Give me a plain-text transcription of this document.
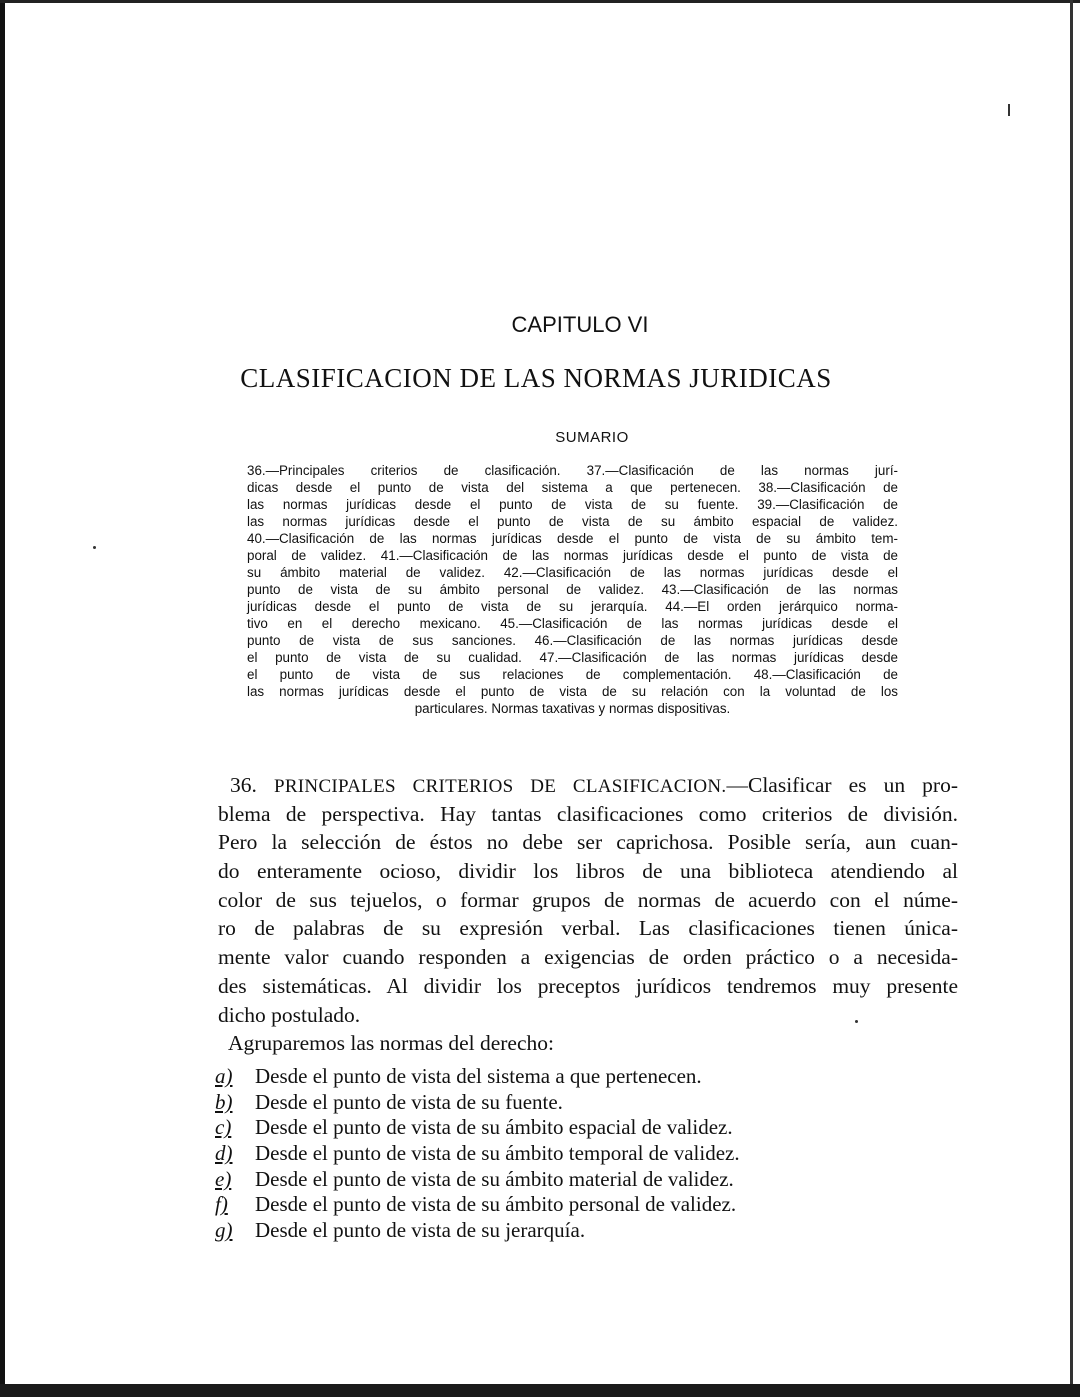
CAPITULO VI
CLASIFICACION DE LAS NORMAS JURIDICAS
SUMARIO
36.—Principales criterios de clasificación. 37.—Clasificación de las normas jurí-
dicas desde el punto de vista del sistema a que pertenecen. 38.—Clasificación de
las normas jurídicas desde el punto de vista de su fuente. 39.—Clasificación de
las normas jurídicas desde el punto de vista de su ámbito espacial de validez.
40.—Clasificación de las normas jurídicas desde el punto de vista de su ámbito tem-
poral de validez. 41.—Clasificación de las normas jurídicas desde el punto de vista de
su ámbito material de validez. 42.—Clasificación de las normas jurídicas desde el
punto de vista de su ámbito personal de validez. 43.—Clasificación de las normas
jurídicas desde el punto de vista de su jerarquía. 44.—El orden jerárquico norma-
tivo en el derecho mexicano. 45.—Clasificación de las normas jurídicas desde el
punto de vista de sus sanciones. 46.—Clasificación de las normas jurídicas desde
el punto de vista de su cualidad. 47.—Clasificación de las normas jurídicas desde
el punto de vista de sus relaciones de complementación. 48.—Clasificación de
las normas jurídicas desde el punto de vista de su relación con la voluntad de los
particulares. Normas taxativas y normas dispositivas.
36. PRINCIPALES CRITERIOS DE CLASIFICACION.—Clasificar es un pro-
blema de perspectiva. Hay tantas clasificaciones como criterios de división.
Pero la selección de éstos no debe ser caprichosa. Posible sería, aun cuan-
do enteramente ocioso, dividir los libros de una biblioteca atendiendo al
color de sus tejuelos, o formar grupos de normas de acuerdo con el núme-
ro de palabras de su expresión verbal. Las clasificaciones tienen única-
mente valor cuando responden a exigencias de orden práctico o a necesida-
des sistemáticas. Al dividir los preceptos jurídicos tendremos muy presente
dicho postulado.
Agruparemos las normas del derecho:
a) Desde el punto de vista del sistema a que pertenecen.
b) Desde el punto de vista de su fuente.
c) Desde el punto de vista de su ámbito espacial de validez.
d) Desde el punto de vista de su ámbito temporal de validez.
e) Desde el punto de vista de su ámbito material de validez.
f) Desde el punto de vista de su ámbito personal de validez.
g) Desde el punto de vista de su jerarquía.
